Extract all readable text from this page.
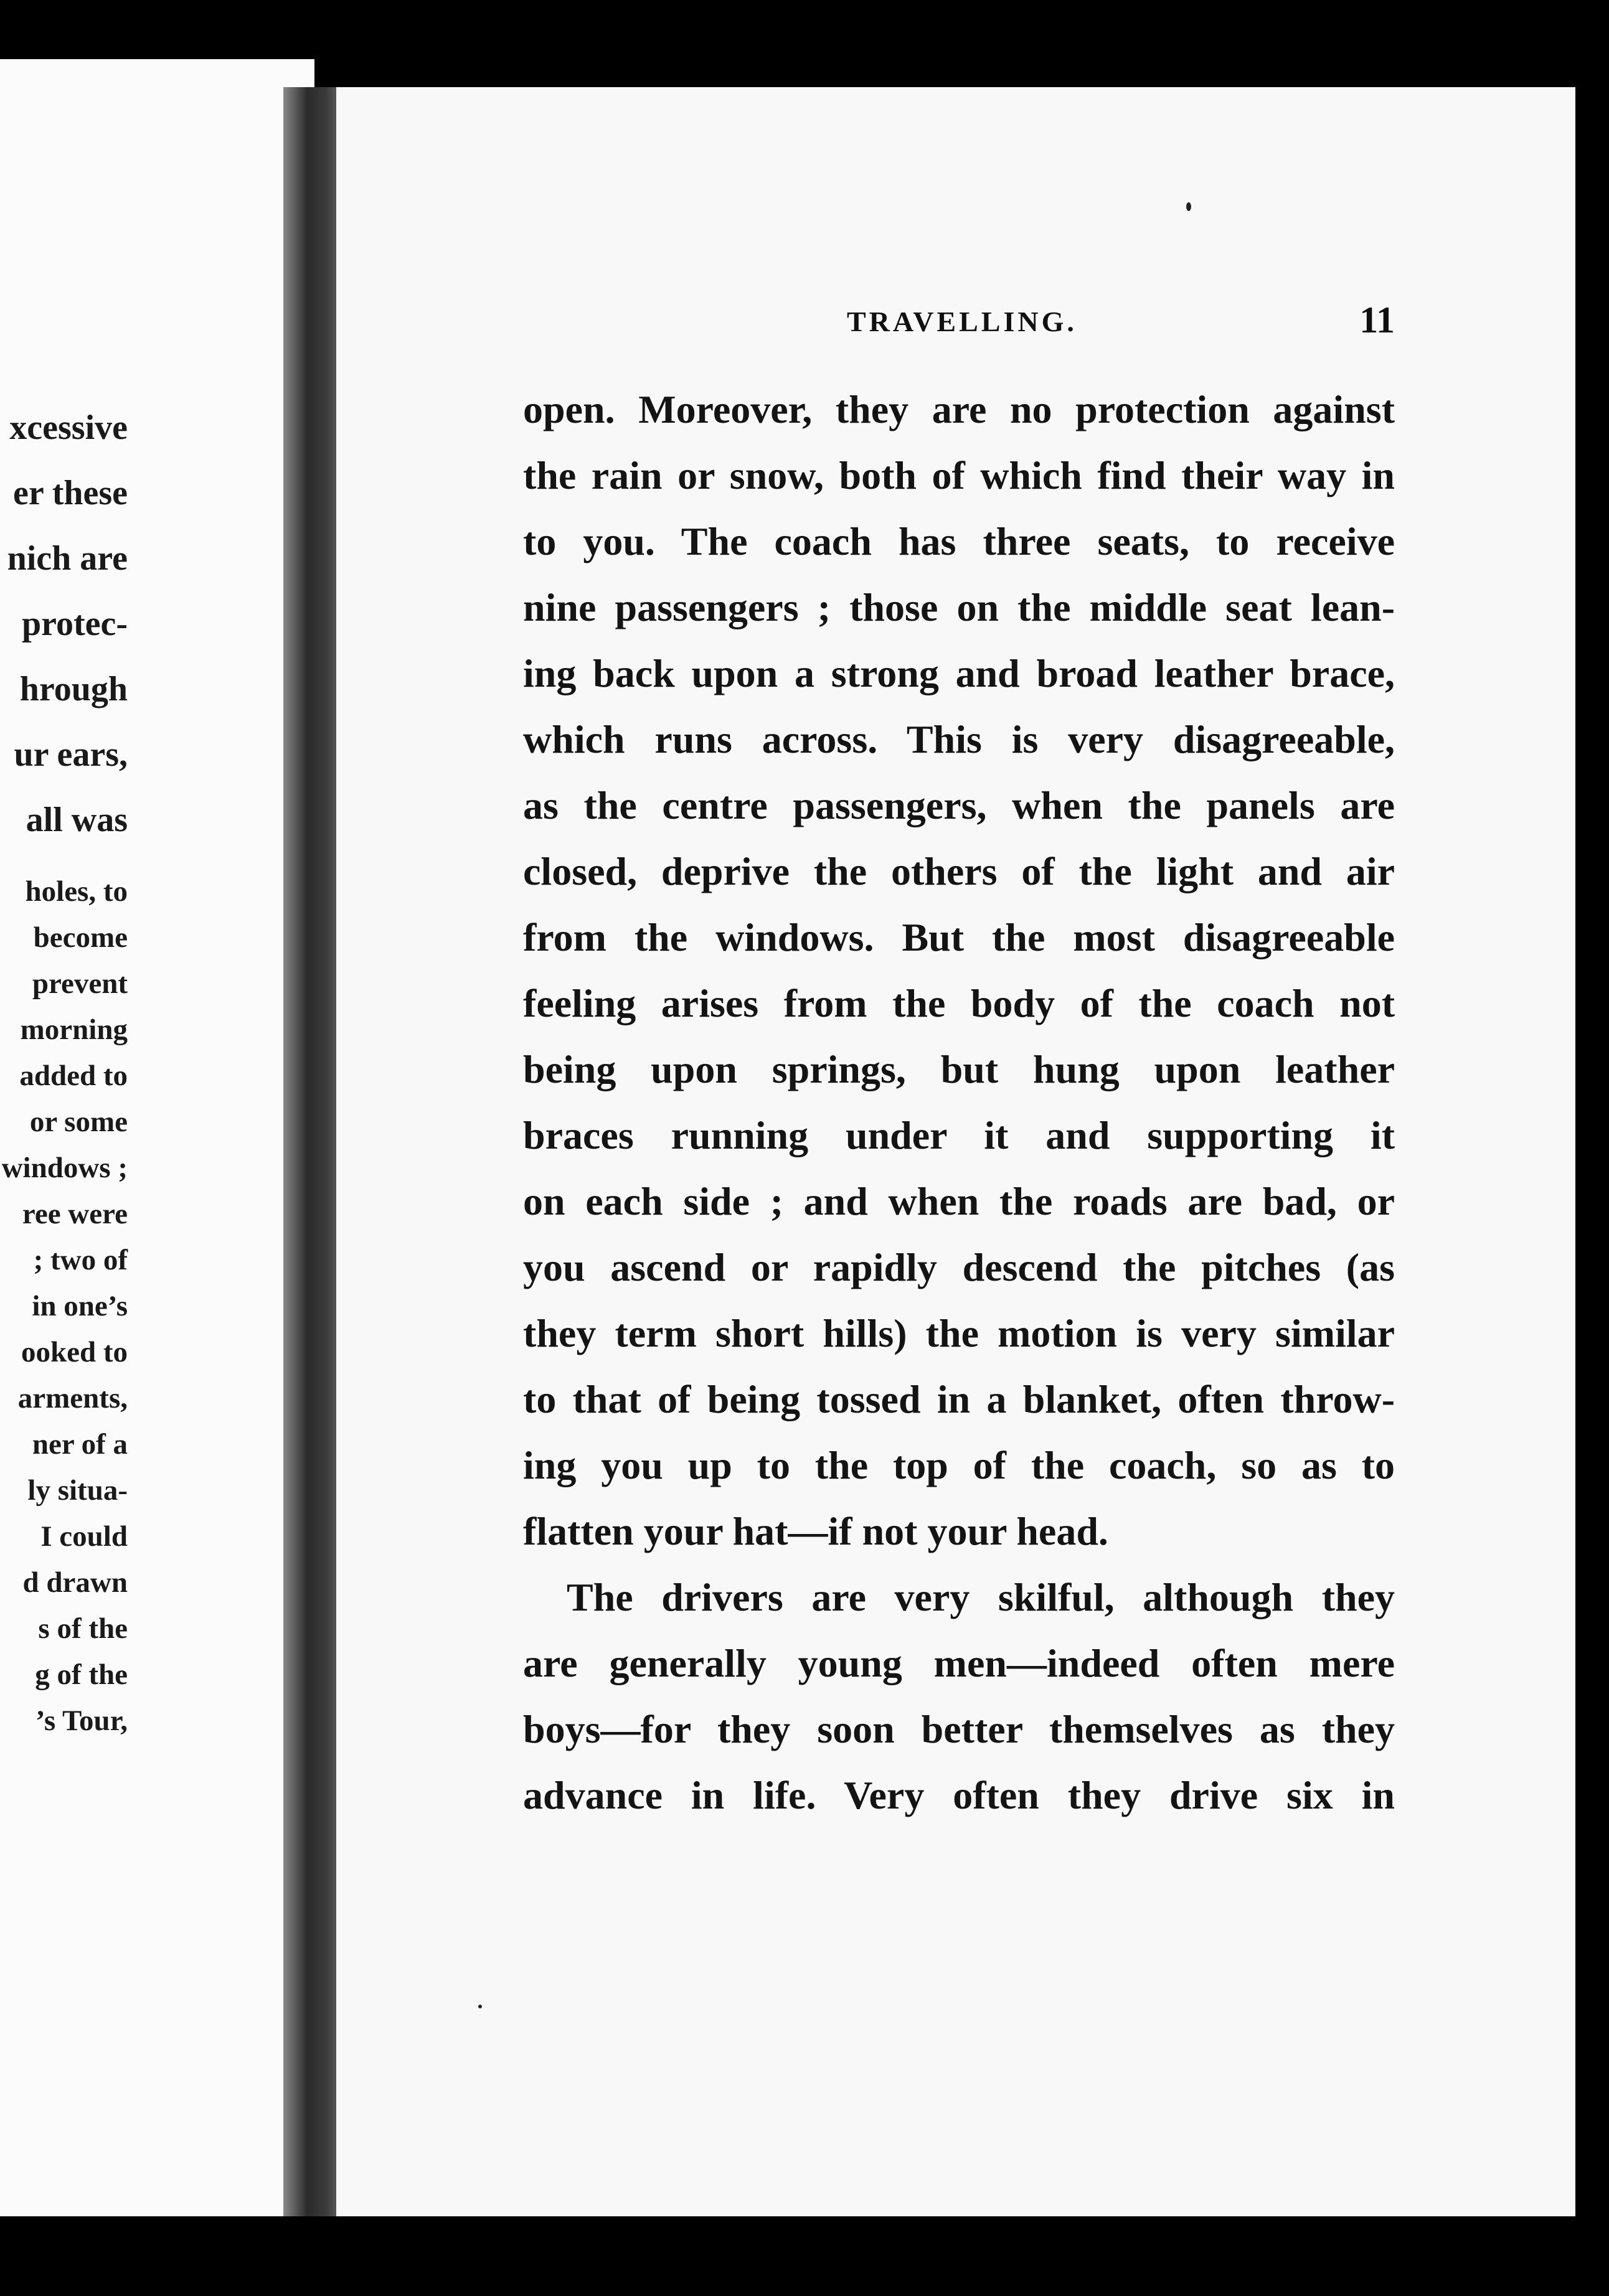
xcessive
er these
nich are
protec-
hrough
ur ears,
all was
holes, to
become
prevent
morning
added to
or some
windows ;
ree were
; two of
in one’s
ooked to
arments,
ner of a
ly situa-
I could
d drawn
s of the
g of the
’s Tour,
TRAVELLING.	11
open. Moreover, they are no protection against
the rain or snow, both of which find their way in
to you. The coach has three seats, to receive
nine passengers ; those on the middle seat lean-
ing back upon a strong and broad leather brace,
which runs across. This is very disagreeable,
as the centre passengers, when the panels are
closed, deprive the others of the light and air
from the windows. But the most disagreeable
feeling arises from the body of the coach not
being upon springs, but hung upon leather
braces running under it and supporting it
on each side ; and when the roads are bad, or
you ascend or rapidly descend the pitches (as
they term short hills) the motion is very similar
to that of being tossed in a blanket, often throw-
ing you up to the top of the coach, so as to
flatten your hat—if not your head.
The drivers are very skilful, although they
are generally young men—indeed often mere
boys—for they soon better themselves as they
advance in life. Very often they drive six in
